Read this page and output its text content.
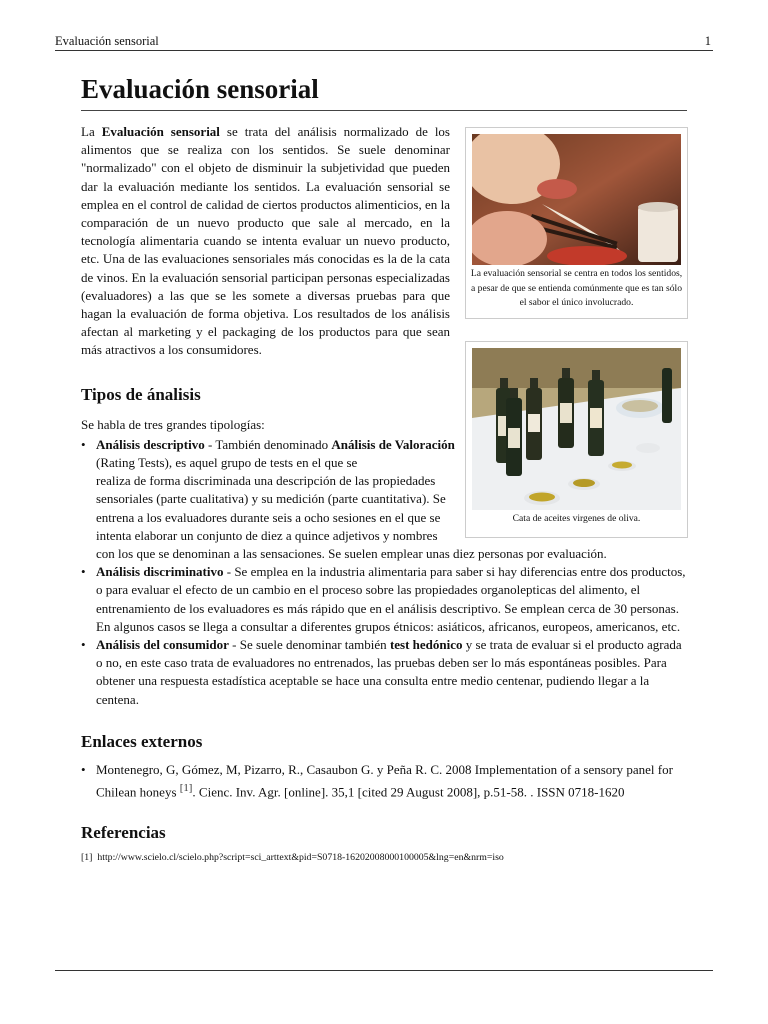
Evaluación sensorial	1
La evaluación sensorial se centra en todos los sentidos, a pesar de que se entienda comúnmente que es tan sólo el sabor el único involucrado.
Cata de aceites virgenes de oliva.
Evaluación sensorial

La Evaluación sensorial se trata del análisis normalizado de los alimentos que se realiza con los sentidos. Se suele denominar "normalizado" con el objeto de disminuir la subjetividad que pueden dar la evaluación mediante los sentidos. La evaluación sensorial se emplea en el control de calidad de ciertos productos alimenticios, en la comparación de un nuevo producto que sale al mercado, en la tecnología alimentaria cuando se intenta evaluar un nuevo producto, etc. Una de las evaluaciones sensoriales más conocidas es la de la cata de vinos. En la evaluación sensorial participan personas especializadas (evaluadores) a las que se les somete a diversas pruebas para que hagan la evaluación de forma objetiva. Los resultados de los análisis afectan al marketing y el packaging de los productos para que sean más atractivos a los consumidores.

Tipos de ánalisis

Se habla de tres grandes tipologías:

• Análisis descriptivo - También denominado Análisis de Valoración (Rating Tests), es aquel grupo de tests en el que se
realiza de forma discriminada una descripción de las propiedades
sensoriales (parte cualitativa) y su medición (parte cuantitativa). Se
entrena a los evaluadores durante seis a ocho sesiones en el que se
intenta elaborar un conjunto de diez a quince adjetivos y nombres
con los que se denominan a las sensaciones. Se suelen emplear unas diez personas por evaluación.
• Análisis discriminativo - Se emplea en la industria alimentaria para saber si hay diferencias entre dos productos, o para evaluar el efecto de un cambio en el proceso sobre las propiedades organolepticas del alimento, el entrenamiento de los evaluadores es más rápido que en el análisis descriptivo. Se emplean cerca de 30 personas. En algunos casos se llega a consultar a diferentes grupos étnicos: asiáticos, africanos, europeos, americanos, etc.
• Análisis del consumidor - Se suele denominar también test hedónico y se trata de evaluar si el producto agrada o no, en este caso trata de evaluadores no entrenados, las pruebas deben ser lo más espontáneas posibles. Para obtener una respuesta estadística aceptable se hace una consulta entre medio centenar, pudiendo llegar a la centena.
Enlaces externos
• Montenegro, G, Gómez, M, Pizarro, R., Casaubon G. y Peña R. C. 2008 Implementation of a sensory panel for Chilean honeys [1]. Cienc. Inv. Agr. [online]. 35,1 [cited 29 August 2008], p.51-58. . ISSN 0718-1620
Referencias

[1] http://www.scielo.cl/scielo.php?script=sci_arttext&pid=S0718-16202008000100005&lng=en&nrm=iso
